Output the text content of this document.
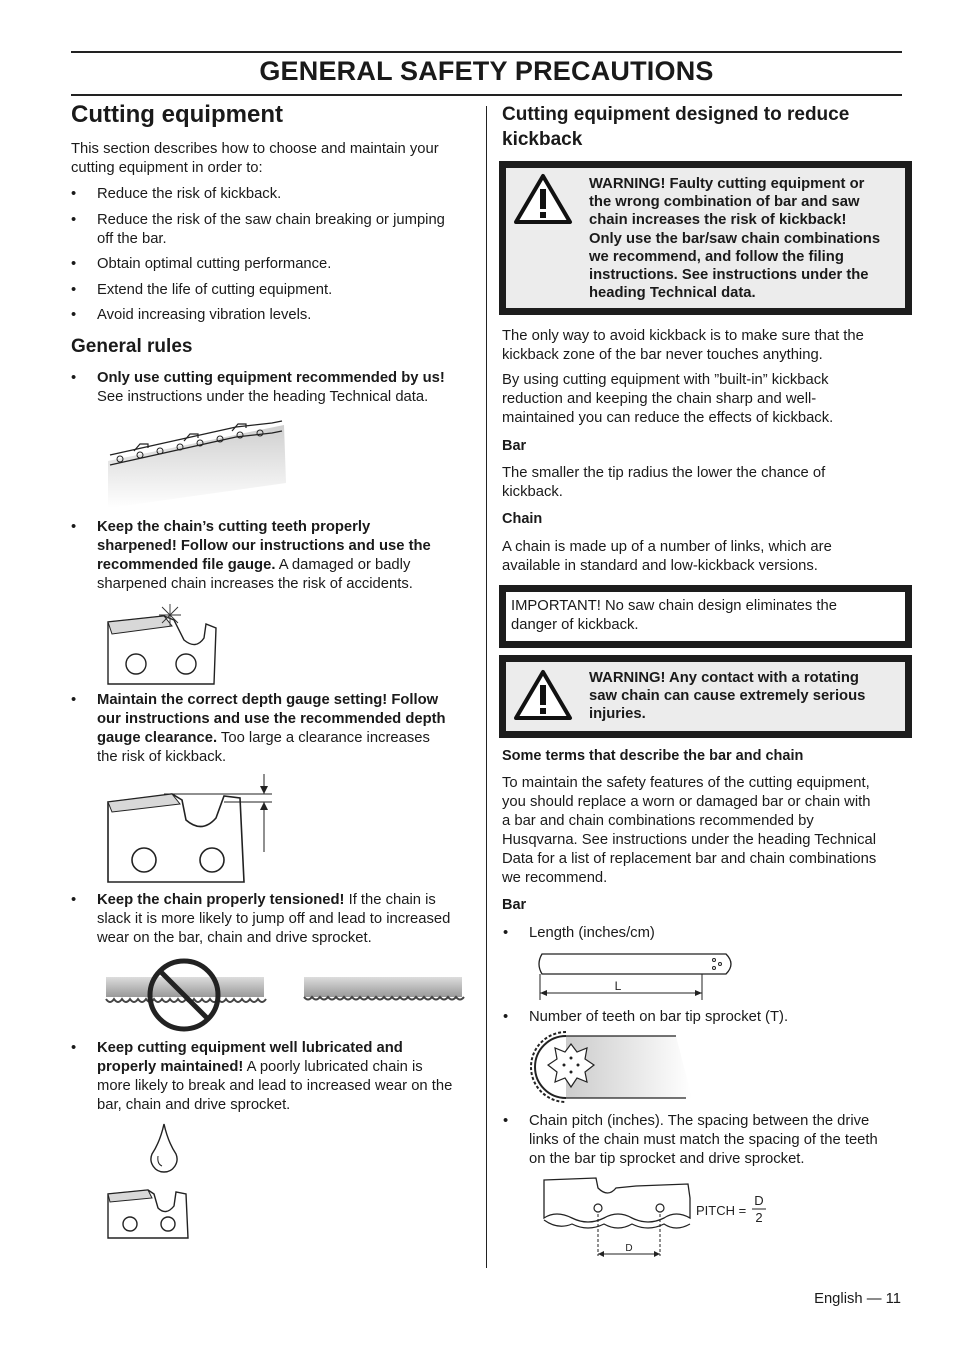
GENERAL SAFETY PRECAUTIONS
Cutting equipment
This section describes how to choose and maintain your
cutting equipment in order to:
• Reduce the risk of kickback.
• Reduce the risk of the saw chain breaking or jumping
off the bar.
• Obtain optimal cutting performance.
• Extend the life of cutting equipment.
• Avoid increasing vibration levels.
General rules
• Only use cutting equipment recommended by us!
See instructions under the heading Technical data.
• Keep the chain’s cutting teeth properly
sharpened! Follow our instructions and use the
recommended file gauge. A damaged or badly
sharpened chain increases the risk of accidents.
• Maintain the correct depth gauge setting! Follow
our instructions and use the recommended depth
gauge clearance. Too large a clearance increases
the risk of kickback.
• Keep the chain properly tensioned! If the chain is
slack it is more likely to jump off and lead to increased
wear on the bar, chain and drive sprocket.
• Keep cutting equipment well lubricated and
properly maintained! A poorly lubricated chain is
more likely to break and lead to increased wear on the
bar, chain and drive sprocket.
Cutting equipment designed to reduce
kickback
WARNING! Faulty cutting equipment or
the wrong combination of bar and saw
chain increases the risk of kickback!
Only use the bar/saw chain combinations
we recommend, and follow the filing
instructions. See instructions under the
heading Technical data.
The only way to avoid kickback is to make sure that the
kickback zone of the bar never touches anything.
By using cutting equipment with ”built-in” kickback
reduction and keeping the chain sharp and well-
maintained you can reduce the effects of kickback.
Bar
The smaller the tip radius the lower the chance of
kickback.
Chain
A chain is made up of a number of links, which are
available in standard and low-kickback versions.
IMPORTANT! No saw chain design eliminates the
danger of kickback.
WARNING! Any contact with a rotating
saw chain can cause extremely serious
injuries.
Some terms that describe the bar and chain
To maintain the safety features of the cutting equipment,
you should replace a worn or damaged bar or chain with
a bar and chain combinations recommended by
Husqvarna. See instructions under the heading Technical
Data for a list of replacement bar and chain combinations
we recommend.
Bar
• Length (inches/cm)
L
• Number of teeth on bar tip sprocket (T).
• Chain pitch (inches). The spacing between the drive
links of the chain must match the spacing of the teeth
on the bar tip sprocket and drive sprocket.
D
PITCH =
D
2
English — 11
